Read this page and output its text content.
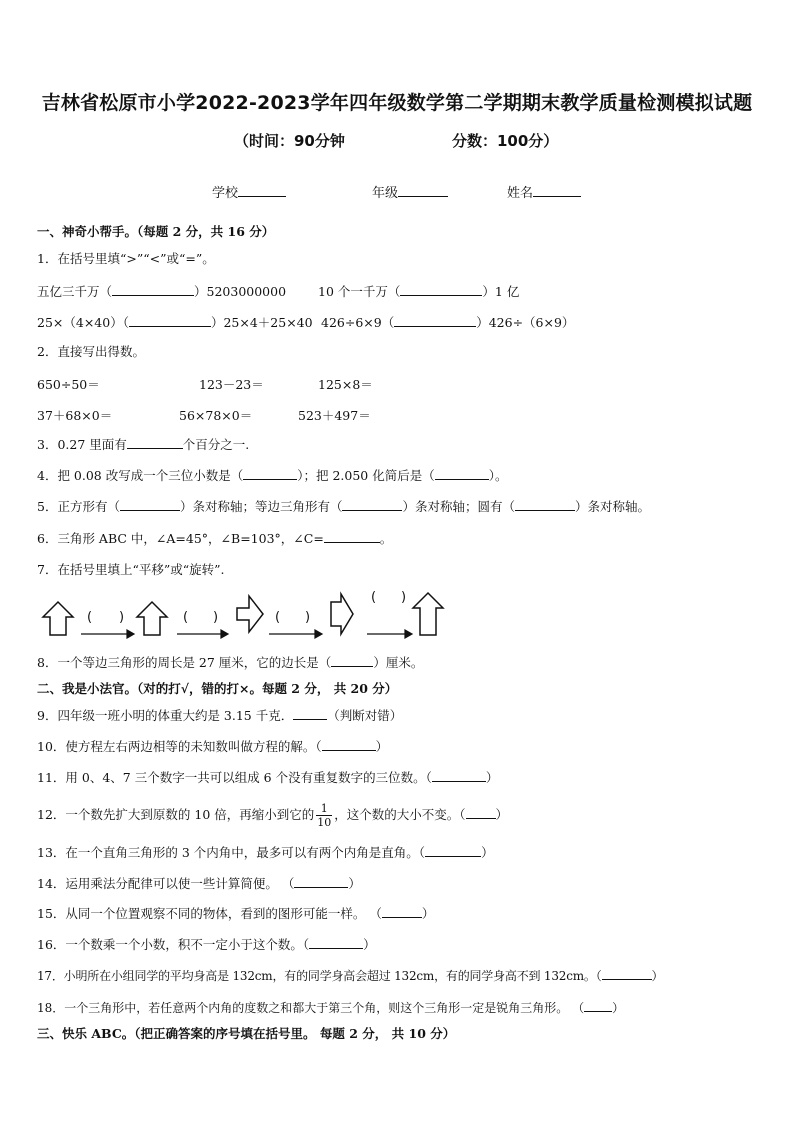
吉林省松原市小学2022-2023学年四年级数学第二学期期末教学质量检测模拟试题
（时间：90分钟	分数：100分）
学校	年级	姓名
一、神奇小帮手。（每题 2 分，共 16 分）
1．在括号里填“>”“<”或“=”。
五亿三千万（	）5203000000	10 个一千万（	）1 亿
25×（4×40）（	）25×4＋25×40 426÷6×9（	）426÷（6×9）
2．直接写出得数。
650÷50＝	123－23＝	125×8＝
37＋68×0＝	56×78×0＝	523＋497＝
3．0.27 里面有	个百分之一.
4．把 0.08 改写成一个三位小数是（	）；把 2.050 化简后是（	）。
5．正方形有（	）条对称轴；等边三角形有（	）条对称轴；圆有（	）条对称轴。
6．三角形 ABC 中，∠A=45°，∠B=103°，∠C=	。
7．在括号里填上“平移”或“旋转”.
( )	( )	( )
( )
8．一个等边三角形的周长是 27 厘米，它的边长是（	）厘米。
二、我是小法官。（对的打√，错的打×。每题 2 分， 共 20 分）
9．四年级一班小明的体重大约是 3.15 千克．	（判断对错）
10．使方程左右两边相等的未知数叫做方程的解。（	）
11．用 0、4、7 三个数字一共可以组成 6 个没有重复数字的三位数。（	）
12．一个数先扩大到原数的 10 倍，再缩小到它的 $\frac{1}{10}$ ，这个数的大小不变。（ ）
13．在一个直角三角形的 3 个内角中，最多可以有两个内角是直角。（	）
14．运用乘法分配律可以使一些计算简便。 （	）
15．从同一个位置观察不同的物体，看到的图形可能一样。 （	）
16．一个数乘一个小数，积不一定小于这个数。（	）
17．小明所在小组同学的平均身高是 132cm，有的同学身高会超过 132cm，有的同学身高不到 132cm。（	）
18．一个三角形中，若任意两个内角的度数之和都大于第三个角，则这个三角形一定是锐角三角形。 （ ）
三、快乐 ABC。（把正确答案的序号填在括号里。 每题 2 分， 共 10 分）
